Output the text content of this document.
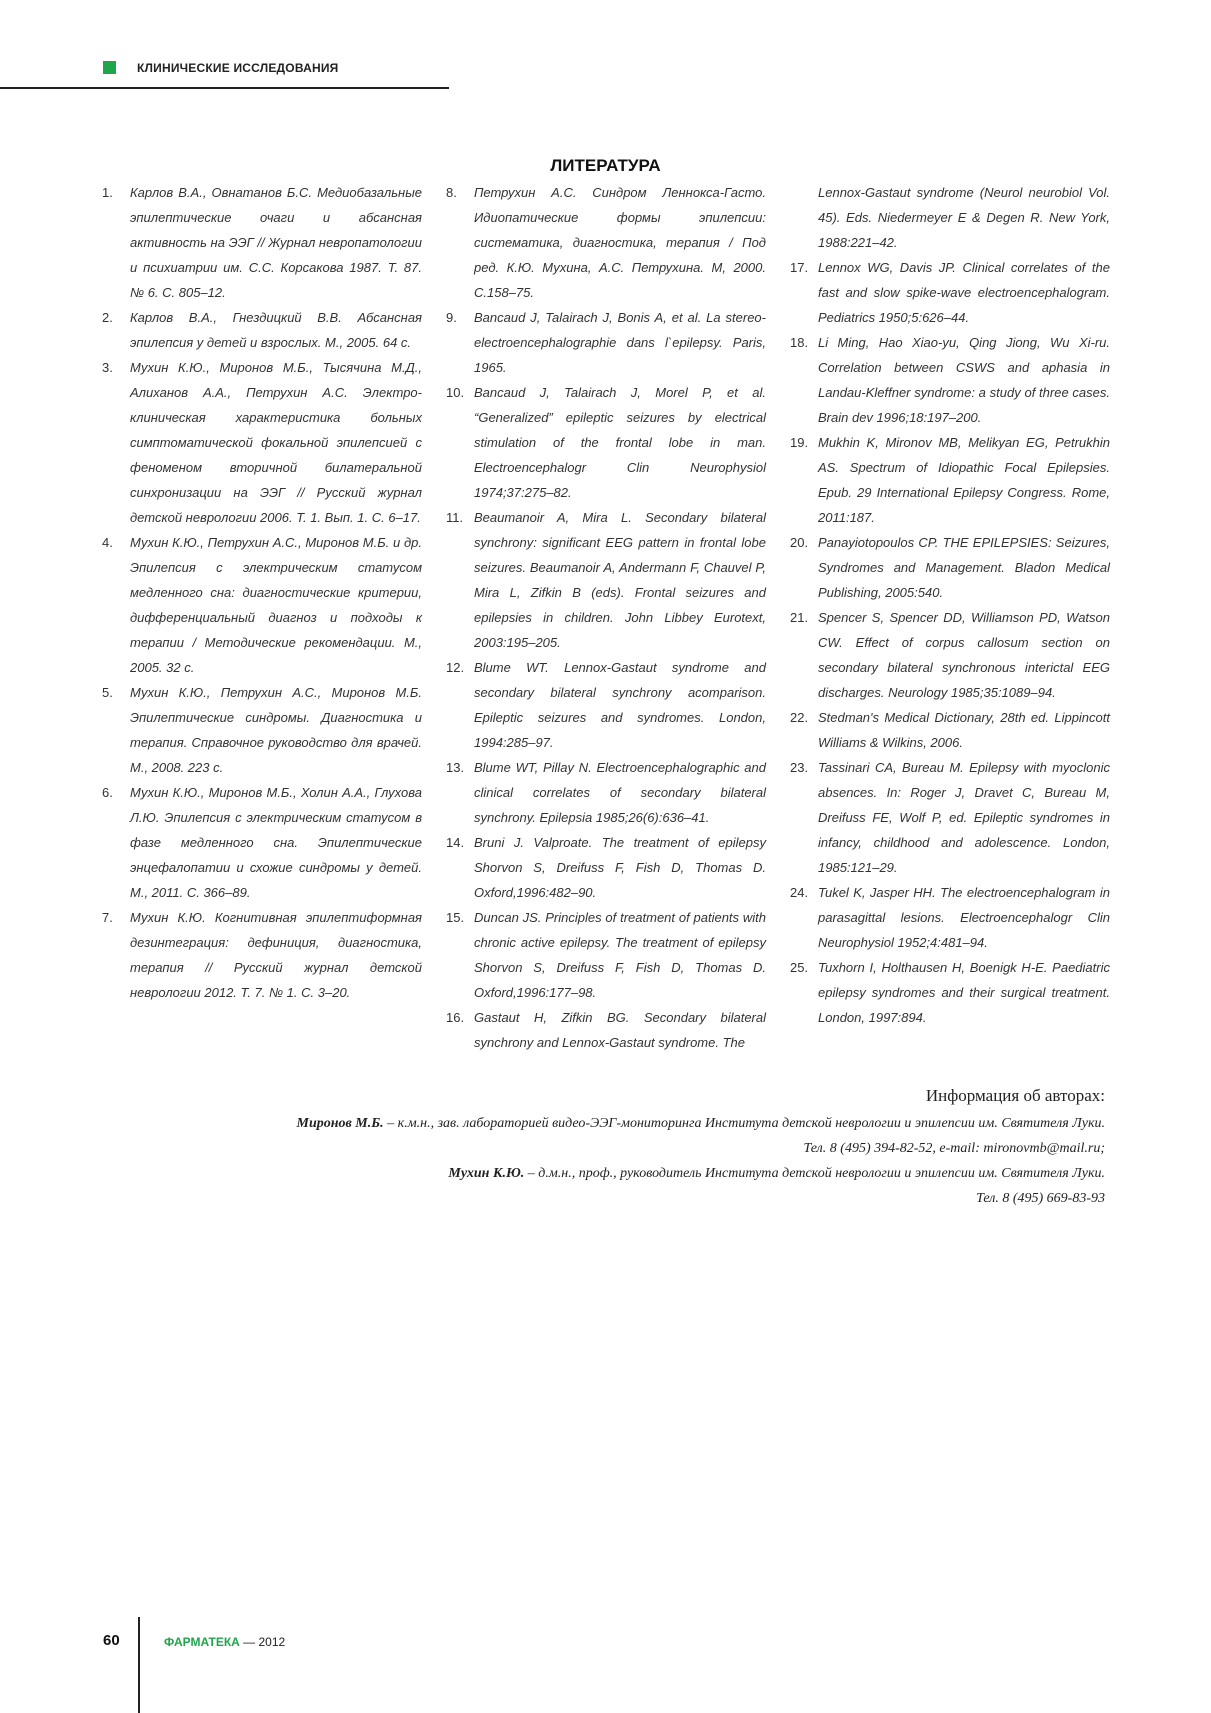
КЛИНИЧЕСКИЕ ИССЛЕДОВАНИЯ
ЛИТЕРАТУРА
1.	Карлов В.А., Овнатанов Б.С. Медиобазальные эпилептические очаги и абсансная активность на ЭЭГ // Журнал невропатологии и психиатрии им. С.С. Корсакова 1987. Т. 87. № 6. С. 805–12.
2.	Карлов В.А., Гнездицкий В.В. Абсансная эпилепсия у детей и взрослых. М., 2005. 64 с.
3.	Мухин К.Ю., Миронов М.Б., Тысячина М.Д., Алиханов А.А., Петрухин А.С. Электро-клиническая характеристика больных симптоматической фокальной эпилепсией с феноменом вторичной билатеральной синхронизации на ЭЭГ // Русский журнал детской неврологии 2006. Т. 1. Вып. 1. С. 6–17.
4.	Мухин К.Ю., Петрухин А.С., Миронов М.Б. и др. Эпилепсия с электрическим статусом медленного сна: диагностические критерии, дифференциальный диагноз и подходы к терапии / Методические рекомендации. М., 2005. 32 с.
5.	Мухин К.Ю., Петрухин А.С., Миронов М.Б. Эпилептические синдромы. Диагностика и терапия. Справочное руководство для врачей. М., 2008. 223 с.
6.	Мухин К.Ю., Миронов М.Б., Холин А.А., Глухова Л.Ю. Эпилепсия с электрическим статусом в фазе медленного сна. Эпилептические энцефалопатии и схожие синдромы у детей. М., 2011. С. 366–89.
7.	Мухин К.Ю. Когнитивная эпилептиформная дезинтеграция: дефиниция, диагностика, терапия // Русский журнал детской неврологии 2012. Т. 7. № 1. С. 3–20.
8.	Петрухин А.С. Синдром Леннокса-Гасто. Идиопатические формы эпилепсии: систематика, диагностика, терапия / Под ред. К.Ю. Мухина, А.С. Петрухина. М, 2000. С.158–75.
9.	Bancaud J, Talairach J, Bonis A, et al. La stereo-electroencephalographie dans l`epilepsy. Paris, 1965.
10. Bancaud J, Talairach J, Morel P, et al. “Generalized” epileptic seizures by electrical stimulation of the frontal lobe in man. Electroencephalogr Clin Neurophysiol 1974;37:275–82.
11. Beaumanoir A, Mira L. Secondary bilateral synchrony: significant EEG pattern in frontal lobe seizures. Beaumanoir A, Andermann F, Chauvel P, Mira L, Zifkin B (eds). Frontal seizures and epilepsies in children. John Libbey Eurotext, 2003:195–205.
12. Blume WT. Lennox-Gastaut syndrome and secondary bilateral synchrony acomparison. Epileptic seizures and syndromes. London, 1994:285–97.
13. Blume WT, Pillay N. Electroencephalographic and clinical correlates of secondary bilateral synchrony. Epilepsia 1985;26(6):636–41.
14. Bruni J. Valproate. The treatment of epilepsy Shorvon S, Dreifuss F, Fish D, Thomas D. Oxford,1996:482–90.
15. Duncan JS. Principles of treatment of patients with chronic active epilepsy. The treatment of epilepsy Shorvon S, Dreifuss F, Fish D, Thomas D. Oxford,1996:177–98.
16. Gastaut H, Zifkin BG. Secondary bilateral synchrony and Lennox-Gastaut syndrome. The
Lennox-Gastaut syndrome (Neurol neurobiol Vol. 45). Eds. Niedermeyer E & Degen R. New York, 1988:221–42.
17. Lennox WG, Davis JP. Clinical correlates of the fast and slow spike-wave electroencephalogram. Pediatrics 1950;5:626–44.
18. Li Ming, Hao Xiao-yu, Qing Jiong, Wu Xi-ru. Correlation between CSWS and aphasia in Landau-Kleffner syndrome: a study of three cases. Brain dev 1996;18:197–200.
19. Mukhin K, Mironov MB, Melikyan EG, Petrukhin AS. Spectrum of Idiopathic Focal Epilepsies. Epub. 29 International Epilepsy Congress. Rome, 2011:187.
20. Panayiotopoulos CP. THE EPILEPSIES: Seizures, Syndromes and Management. Bladon Medical Publishing, 2005:540.
21. Spencer S, Spencer DD, Williamson PD, Watson CW. Effect of corpus callosum section on secondary bilateral synchronous interictal EEG discharges. Neurology 1985;35:1089–94.
22. Stedman's Medical Dictionary, 28th ed. Lippincott Williams & Wilkins, 2006.
23. Tassinari CA, Bureau M. Epilepsy with myoclonic absences. In: Roger J, Dravet C, Bureau M, Dreifuss FE, Wolf P, ed. Epileptic syndromes in infancy, childhood and adolescence. London, 1985:121–29.
24. Tukel K, Jasper HH. The electroencephalogram in parasagittal lesions. Electroencephalogr Clin Neurophysiol 1952;4:481–94.
25. Tuxhorn I, Holthausen H, Boenigk H-E. Paediatric epilepsy syndromes and their surgical treatment. London, 1997:894.
Информация об авторах:
Миронов М.Б. – к.м.н., зав. лабораторией видео-ЭЭГ-мониторинга Института детской неврологии и эпилепсии им. Святителя Луки.
Тел. 8 (495) 394-82-52, e-mail: mironovmb@mail.ru;
Мухин К.Ю. – д.м.н., проф., руководитель Института детской неврологии и эпилепсии им. Святителя Луки.
Тел. 8 (495) 669-83-93
60	ФАРМАТЕКА — 2012
